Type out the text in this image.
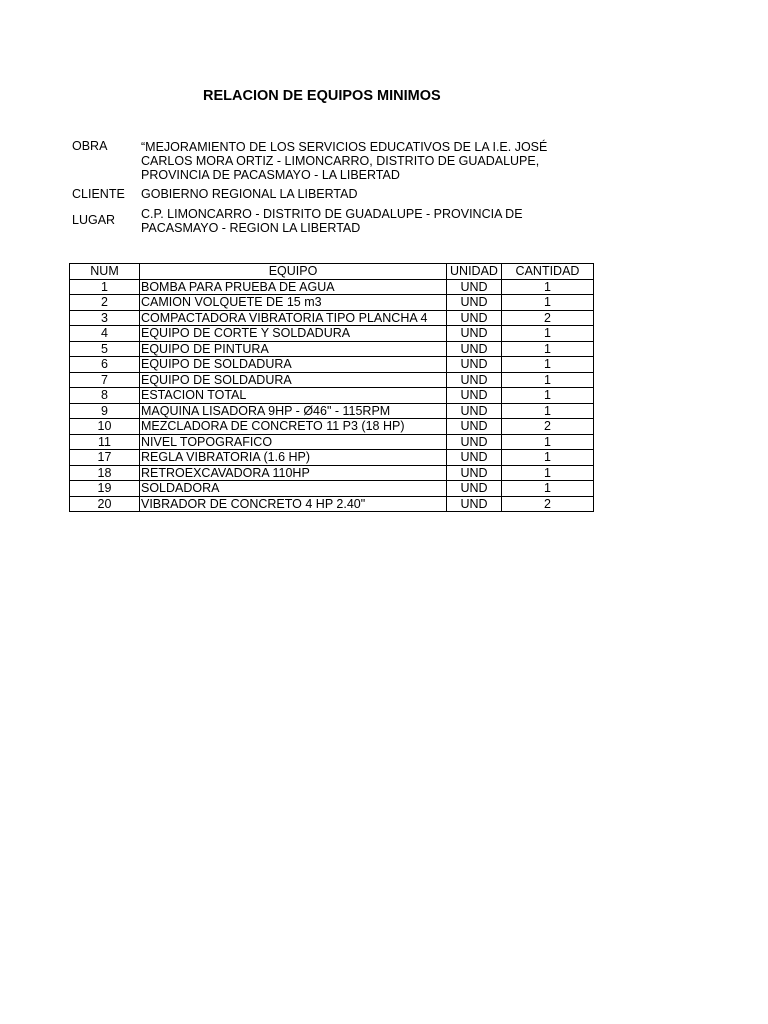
RELACION DE EQUIPOS MINIMOS
OBRA	“MEJORAMIENTO DE LOS SERVICIOS EDUCATIVOS DE LA I.E. JOSÉ CARLOS MORA ORTIZ - LIMONCARRO, DISTRITO DE GUADALUPE, PROVINCIA DE PACASMAYO - LA LIBERTAD
CLIENTE GOBIERNO REGIONAL LA LIBERTAD
LUGAR C.P. LIMONCARRO - DISTRITO DE GUADALUPE - PROVINCIA DE PACASMAYO - REGION LA LIBERTAD
NUM	EQUIPO	UNIDAD	CANTIDAD
1	BOMBA PARA PRUEBA DE AGUA	UND	1
2	CAMION VOLQUETE DE 15 m3	UND	1
3	COMPACTADORA VIBRATORIA TIPO PLANCHA 4	UND	2
4	EQUIPO DE CORTE Y SOLDADURA	UND	1
5	EQUIPO DE PINTURA	UND	1
6	EQUIPO DE SOLDADURA	UND	1
7	EQUIPO DE SOLDADURA	UND	1
8	ESTACION TOTAL	UND	1
9	MAQUINA LISADORA 9HP - Ø46" - 115RPM	UND	1
10	MEZCLADORA DE CONCRETO 11 P3 (18 HP)	UND	2
11	NIVEL TOPOGRAFICO	UND	1
17	REGLA VIBRATORIA (1.6 HP)	UND	1
18	RETROEXCAVADORA 110HP	UND	1
19	SOLDADORA	UND	1
20	VIBRADOR DE CONCRETO 4 HP 2.40"	UND	2
